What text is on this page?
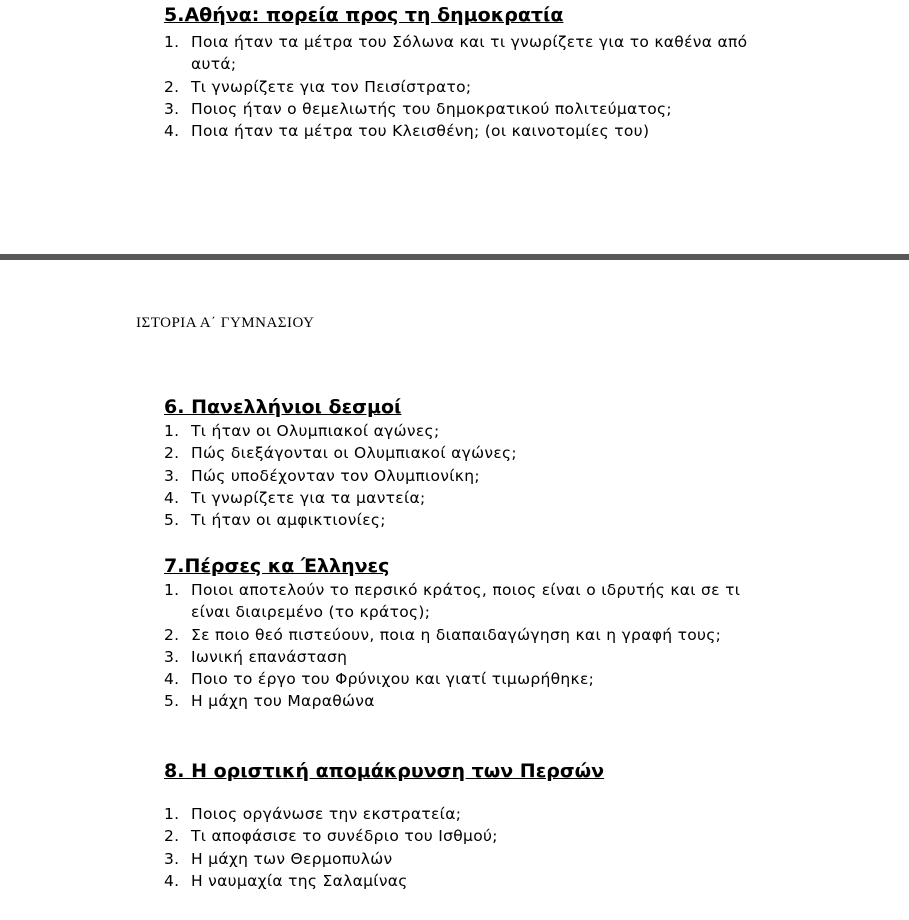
5.Αθήνα: πορεία προς τη δημοκρατία
1. Ποια ήταν τα μέτρα του Σόλωνα και τι γνωρίζετε για το καθένα από αυτά;
2. Τι γνωρίζετε για τον Πεισίστρατο;
3. Ποιος ήταν ο θεμελιωτής του δημοκρατικού πολιτεύματος;
4. Ποια ήταν τα μέτρα του Κλεισθένη; (οι καινοτομίες του)
ΙΣΤΟΡΙΑ Α΄ ΓΥΜΝΑΣΙΟΥ
6. Πανελλήνιοι δεσμοί
1. Τι ήταν οι Ολυμπιακοί αγώνες;
2. Πώς διεξάγονται οι Ολυμπιακοί αγώνες;
3. Πώς υποδέχονταν τον Ολυμπιονίκη;
4. Τι γνωρίζετε για τα μαντεία;
5. Τι ήταν οι αμφικτιονίες;
7.Πέρσες κα Έλληνες
1. Ποιοι αποτελούν το περσικό κράτος, ποιος είναι ο ιδρυτής και σε τι είναι διαιρεμένο (το κράτος);
2. Σε ποιο θεό πιστεύουν, ποια η διαπαιδαγώγηση και η γραφή τους;
3. Ιωνική επανάσταση
4. Ποιο το έργο του Φρύνιχου και γιατί τιμωρήθηκε;
5. Η μάχη του Μαραθώνα
8. Η οριστική απομάκρυνση των Περσών
1. Ποιος οργάνωσε την εκστρατεία;
2. Τι αποφάσισε το συνέδριο του Ισθμού;
3. Η μάχη των Θερμοπυλών
4. Η ναυμαχία της Σαλαμίνας
